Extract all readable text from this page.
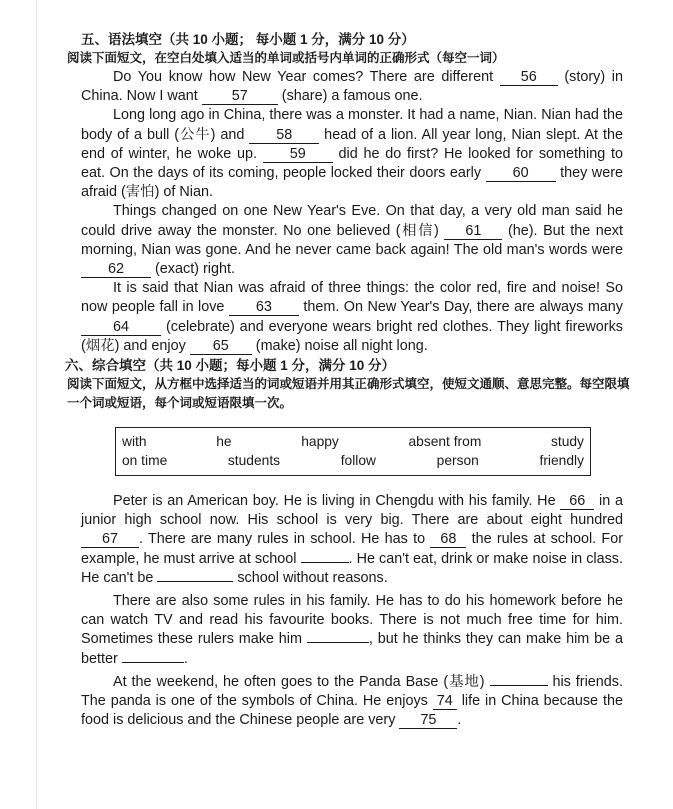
五、语法填空（共 10 小题； 每小题 1 分，满分 10 分）
阅读下面短文，在空白处填入适当的单词或括号内单词的正确形式（每空一词）

Do You know how New Year comes? There are different 56 (story) in China. Now I want 57 (share) a famous one.

Long long ago in China, there was a monster. It had a name, Nian. Nian had the body of a bull (公牛) and 58 head of a lion. All year long, Nian slept. At the end of winter, he woke up. 59 did he do first? He looked for something to eat. On the days of its coming, people locked their doors early 60 they were afraid (害怕) of Nian.

Things changed on one New Year's Eve. On that day, a very old man said he could drive away the monster. No one believed (相信) 61 (he). But the next morning, Nian was gone. And he never came back again! The old man's words were 62 (exact) right.

It is said that Nian was afraid of three things: the color red, fire and noise! So now people fall in love 63 them. On New Year's Day, there are always many 64 (celebrate) and everyone wears bright red clothes. They light fireworks (烟花) and enjoy 65 (make) noise all night long.

六、综合填空（共 10 小题；每小题 1 分，满分 10 分）
阅读下面短文，从方框中选择适当的词或短语并用其正确形式填空，使短文通顺、意思完整。每空限填一个词或短语，每个词或短语限填一次。
with	he	happy	absent from	study
on time	students	follow	person	friendly

Peter is an American boy. He is living in Chengdu with his family. He 66 in a junior high school now. His school is very big. There are about eight hundred 67 . There are many rules in school. He has to 68 the rules at school. For example, he must arrive at school	. He can't eat, drink or make noise in class. He can't be	school without reasons.

There are also some rules in his family. He has to do his homework before he can watch TV and read his favourite books. There is not much free time for him. Sometimes these rulers make him	, but he thinks they can make him be a better	.

At the weekend, he often goes to the Panda Base (基地)	his friends. The panda is one of the symbols of China. He enjoys 74 life in China because the food is delicious and the Chinese people are very 75 .
